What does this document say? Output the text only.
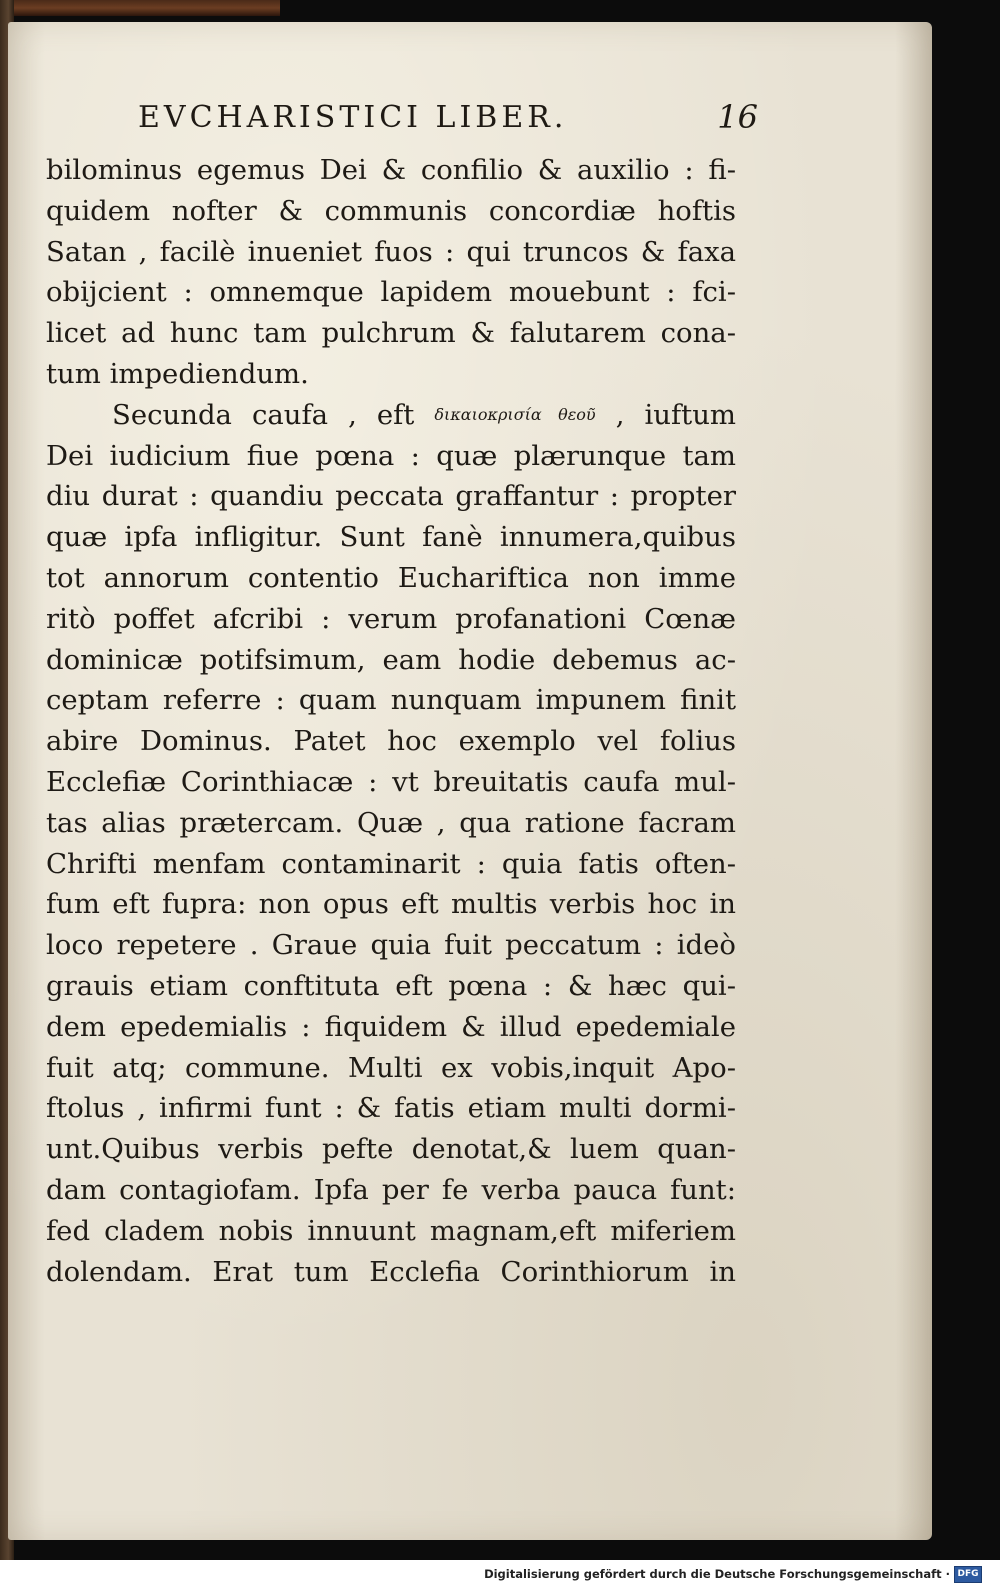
EVCHARISTICI LIBER.	16
bilominus egemus Dei & confilio & auxilio : fi-
quidem nofter & communis concordiæ hoftis
Satan , facilè inueniet fuos : qui truncos & faxa
obijcient : omnemque lapidem mouebunt : fci-
licet ad hunc tam pulchrum & falutarem cona-
tum impediendum.
Secunda caufa , eft δικαιοκρισία θεοῦ , iuftum
Dei iudicium fiue pœna : quæ plærunque tam
diu durat : quandiu peccata graffantur : propter
quæ ipfa infligitur. Sunt fanè innumera,quibus
tot annorum contentio Euchariftica non imme
ritò poffet afcribi : verum profanationi Cœnæ
dominicæ potifsimum, eam hodie debemus ac-
ceptam referre : quam nunquam impunem finit
abire Dominus. Patet hoc exemplo vel folius
Ecclefiæ Corinthiacæ : vt breuitatis caufa mul-
tas alias prætercam. Quæ , qua ratione facram
Chrifti menfam contaminarit : quia fatis often-
fum eft fupra: non opus eft multis verbis hoc in
loco repetere . Graue quia fuit peccatum : ideò
grauis etiam conftituta eft pœna : & hæc qui-
dem epedemialis : fiquidem & illud epedemiale
fuit atq; commune. Multi ex vobis,inquit Apo-
ftolus , infirmi funt : & fatis etiam multi dormi-
unt.Quibus verbis pefte denotat,& luem quan-
dam contagiofam. Ipfa per fe verba pauca funt:
fed cladem nobis innuunt magnam,eft miferiem
dolendam. Erat tum Ecclefia Corinthiorum in
Digitalisierung gefördert durch die Deutsche Forschungsgemeinschaft · DFG
